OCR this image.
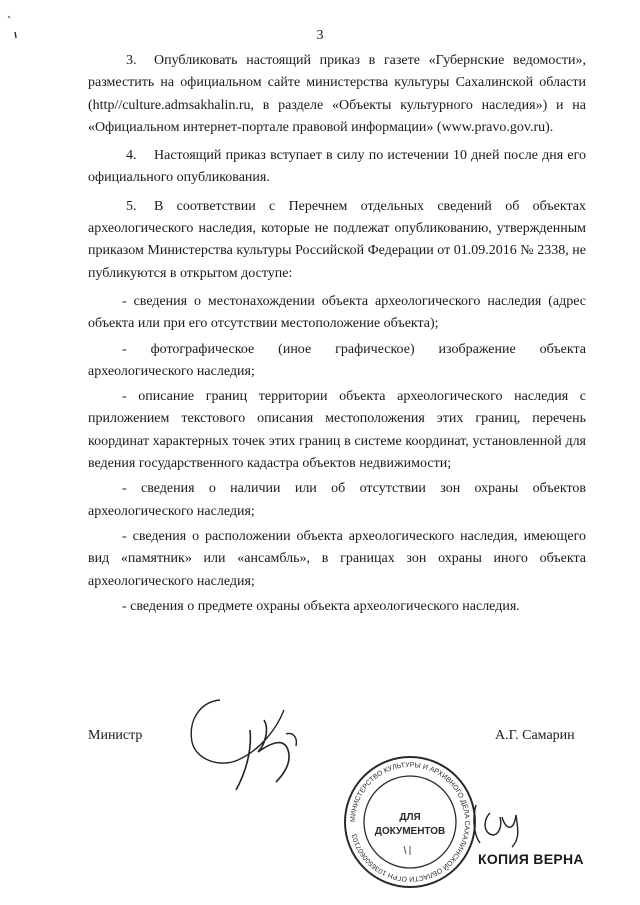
3

3. Опубликовать настоящий приказ в газете «Губернские ведомости», разместить на официальном сайте министерства культуры Сахалинской области (http//culture.admsakhalin.ru, в разделе «Объекты культурного наследия») и на «Официальном интернет-портале правовой информации» (www.pravo.gov.ru).

4. Настоящий приказ вступает в силу по истечении 10 дней после дня его официального опубликования.

5. В соответствии с Перечнем отдельных сведений об объектах археологического наследия, которые не подлежат опубликованию, утвержденным приказом Министерства культуры Российской Федерации от 01.09.2016 № 2338, не публикуются в открытом доступе:

- сведения о местонахождении объекта археологического наследия (адрес объекта или при его отсутствии местоположение объекта);

- фотографическое (иное графическое) изображение объекта археологического наследия;

- описание границ территории объекта археологического наследия с приложением текстового описания местоположения этих границ, перечень координат характерных точек этих границ в системе координат, установленной для ведения государственного кадастра объектов недвижимости;

- сведения о наличии или об отсутствии зон охраны объектов археологического наследия;

- сведения о расположении объекта археологического наследия, имеющего вид «памятник» или «ансамбль», в границах зон охраны иного объекта археологического наследия;

- сведения о предмете охраны объекта археологического наследия.

Министр	А.Г. Самарин
МИНИСТЕРСТВО КУЛЬТУРЫ И АРХИВНОГО ДЕЛА САХАЛИНСКОЙ ОБЛАСТИ ОГРН 1036500607103
ДЛЯ
ДОКУМЕНТОВ
КОПИЯ ВЕРНА
